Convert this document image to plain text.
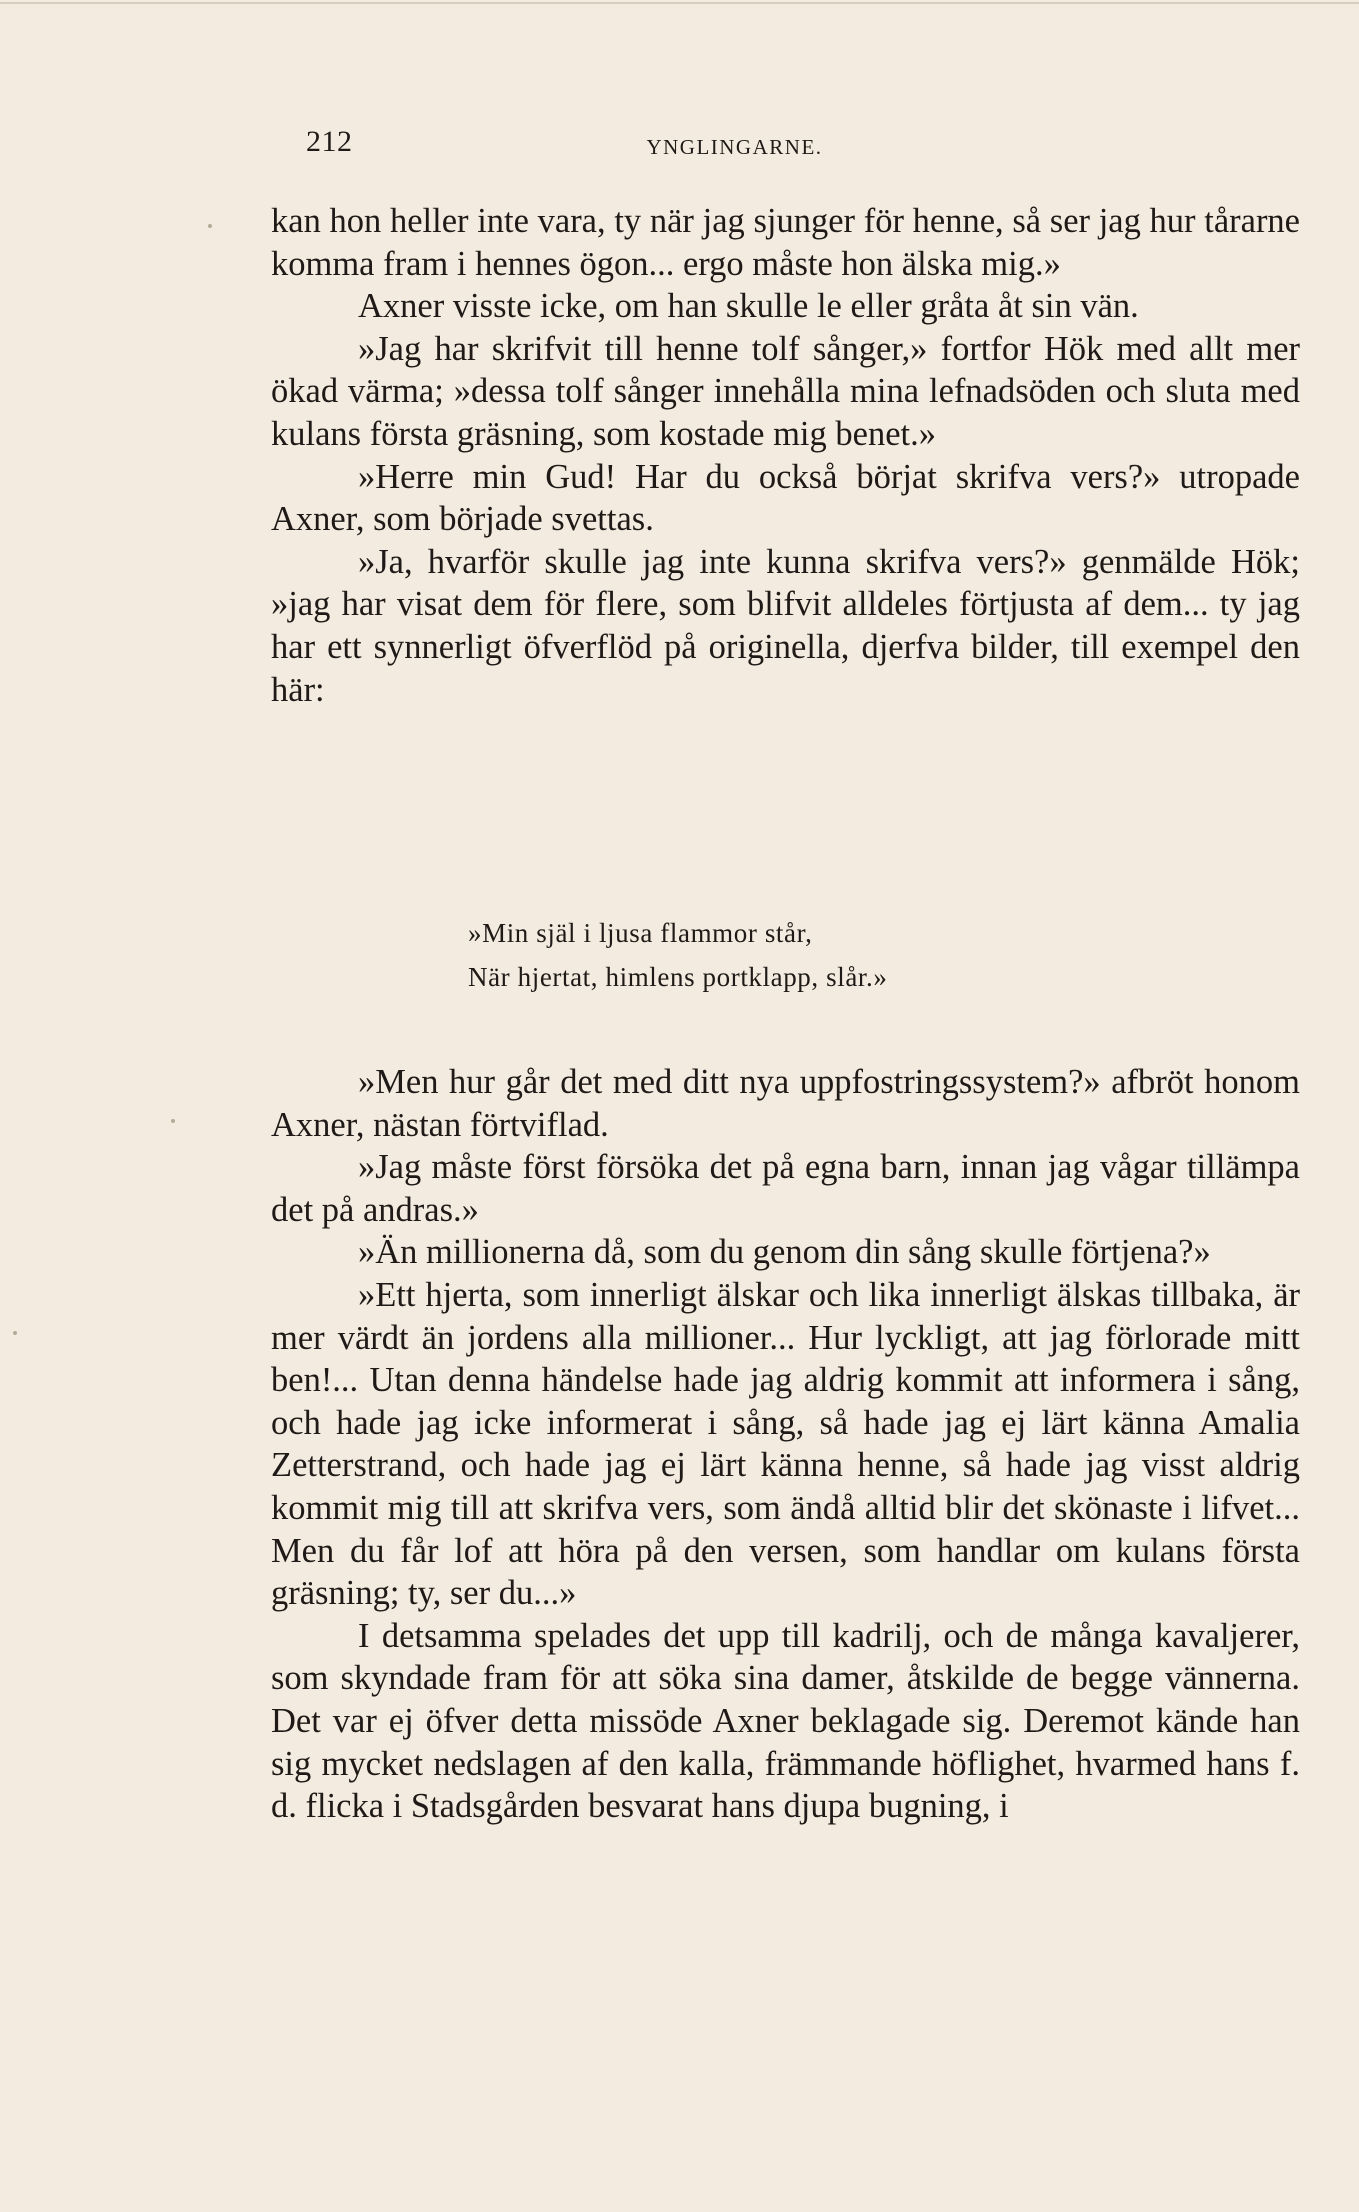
212	YNGLINGARNE.

kan hon heller inte vara, ty när jag sjunger för henne, så ser jag hur tårarne komma fram i hennes ögon... ergo måste hon älska mig.»

Axner visste icke, om han skulle le eller gråta åt sin vän.

»Jag har skrifvit till henne tolf sånger,» fortfor Hök med allt mer ökad värma; »dessa tolf sånger innehålla mina lefnadsöden och sluta med kulans första gräsning, som kostade mig benet.»

»Herre min Gud! Har du också börjat skrifva vers?» utropade Axner, som började svettas.

»Ja, hvarför skulle jag inte kunna skrifva vers?» genmälde Hök; »jag har visat dem för flere, som blifvit alldeles förtjusta af dem... ty jag har ett synnerligt öfverflöd på originella, djerfva bilder, till exempel den här:

»Min själ i ljusa flammor står,
När hjertat, himlens portklapp, slår.»

»Men hur går det med ditt nya uppfostringssystem?» afbröt honom Axner, nästan förtviflad.

»Jag måste först försöka det på egna barn, innan jag vågar tillämpa det på andras.»

»Än millionerna då, som du genom din sång skulle förtjena?»

»Ett hjerta, som innerligt älskar och lika innerligt älskas tillbaka, är mer värdt än jordens alla millioner... Hur lyckligt, att jag förlorade mitt ben!... Utan denna händelse hade jag aldrig kommit att informera i sång, och hade jag icke informerat i sång, så hade jag ej lärt känna Amalia Zetterstrand, och hade jag ej lärt känna henne, så hade jag visst aldrig kommit mig till att skrifva vers, som ändå alltid blir det skönaste i lifvet... Men du får lof att höra på den versen, som handlar om kulans första gräsning; ty, ser du...»

I detsamma spelades det upp till kadrilj, och de många kavaljerer, som skyndade fram för att söka sina damer, åtskilde de begge vännerna. Det var ej öfver detta missöde Axner beklagade sig. Deremot kände han sig mycket nedslagen af den kalla, främmande höflighet, hvarmed hans f. d. flicka i Stadsgården besvarat hans djupa bugning, i
